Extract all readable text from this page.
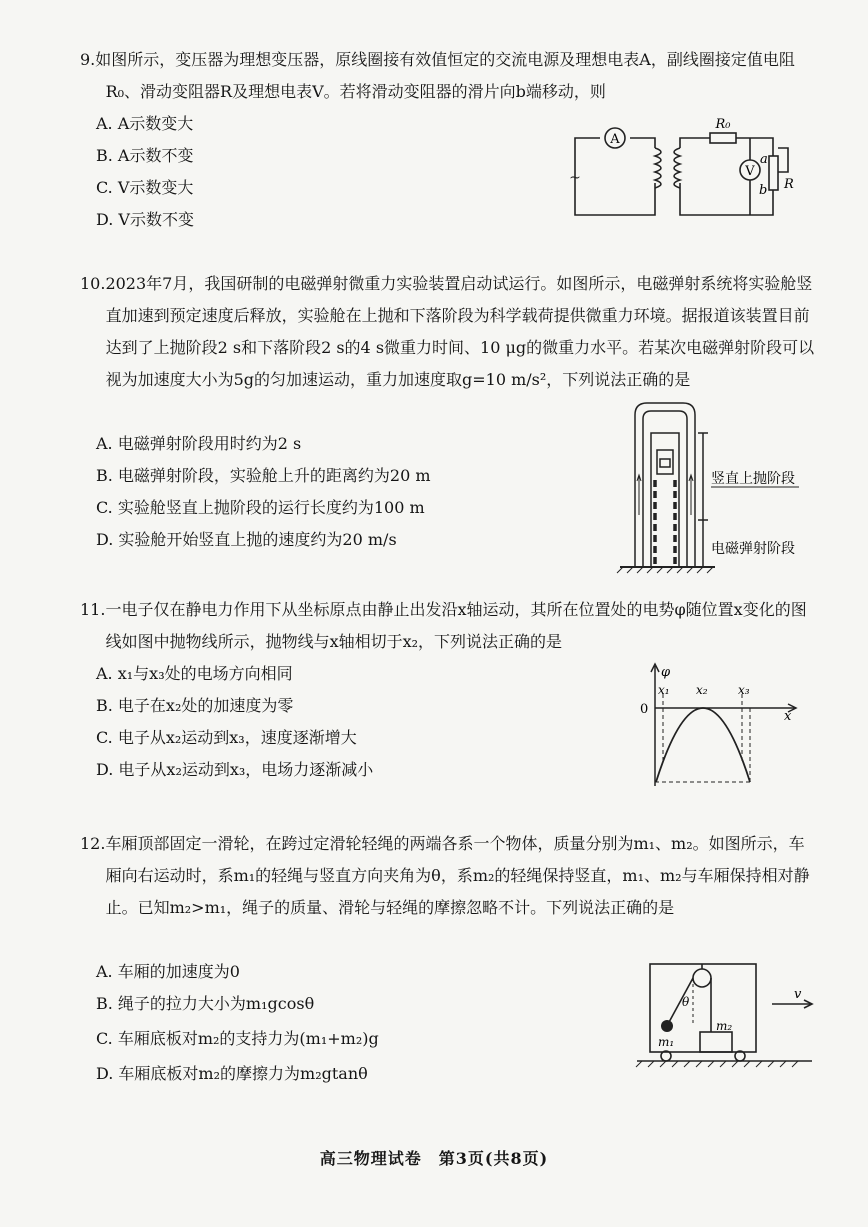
9.如图所示，变压器为理想变压器，原线圈接有效值恒定的交流电源及理想电表A，副线圈接定值电阻R₀、滑动变阻器R及理想电表V。若将滑动变阻器的滑片向b端移动，则
A. A示数变大
B. A示数不变
C. V示数变大
D. V示数不变
A
V
R₀
a
b R
~
10.2023年7月，我国研制的电磁弹射微重力实验装置启动试运行。如图所示，电磁弹射系统将实验舱竖直加速到预定速度后释放，实验舱在上抛和下落阶段为科学载荷提供微重力环境。据报道该装置目前达到了上抛阶段2 s和下落阶段2 s的4 s微重力时间、10 μg的微重力水平。若某次电磁弹射阶段可以视为加速度大小为5g的匀加速运动，重力加速度取g=10 m/s²，下列说法正确的是
A. 电磁弹射阶段用时约为2 s
B. 电磁弹射阶段，实验舱上升的距离约为20 m
C. 实验舱竖直上抛阶段的运行长度约为100 m
D. 实验舱开始竖直上抛的速度约为20 m/s
竖直上抛阶段
电磁弹射阶段
11.一电子仅在静电力作用下从坐标原点由静止出发沿x轴运动，其所在位置处的电势φ随位置x变化的图线如图中抛物线所示，抛物线与x轴相切于x₂，下列说法正确的是
A. x₁与x₃处的电场方向相同
B. 电子在x₂处的加速度为零
C. 电子从x₂运动到x₃，速度逐渐增大
D. 电子从x₂运动到x₃，电场力逐渐减小
φ
0
x₁ x₂	x₃
x
12.车厢顶部固定一滑轮，在跨过定滑轮轻绳的两端各系一个物体，质量分别为m₁、m₂。如图所示，车厢向右运动时，系m₁的轻绳与竖直方向夹角为θ，系m₂的轻绳保持竖直，m₁、m₂与车厢保持相对静止。已知m₂>m₁，绳子的质量、滑轮与轻绳的摩擦忽略不计。下列说法正确的是
A. 车厢的加速度为0
B. 绳子的拉力大小为m₁gcosθ
C. 车厢底板对m₂的支持力为(m₁+m₂)g
D. 车厢底板对m₂的摩擦力为m₂gtanθ
v
θ
m₁
m₂
高三物理试卷　第3页(共8页)
